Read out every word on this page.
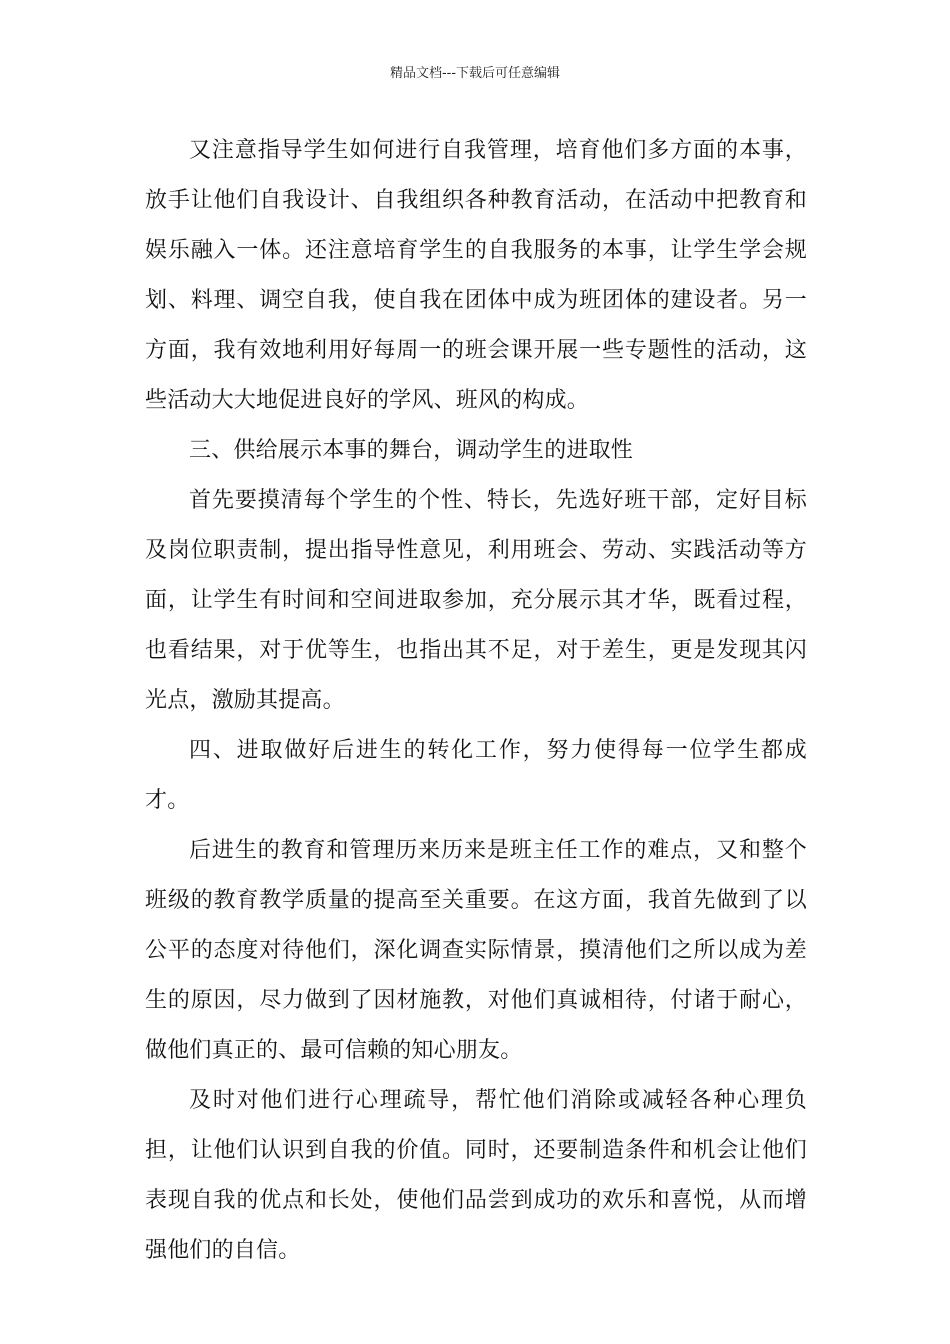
精品文档---下载后可任意编辑

又注意指导学生如何进行自我管理，培育他们多方面的本事，放手让他们自我设计、自我组织各种教育活动，在活动中把教育和娱乐融入一体。还注意培育学生的自我服务的本事，让学生学会规划、料理、调空自我，使自我在团体中成为班团体的建设者。另一方面，我有效地利用好每周一的班会课开展一些专题性的活动，这些活动大大地促进良好的学风、班风的构成。

三、供给展示本事的舞台，调动学生的进取性

首先要摸清每个学生的个性、特长，先选好班干部，定好目标及岗位职责制，提出指导性意见，利用班会、劳动、实践活动等方面，让学生有时间和空间进取参加，充分展示其才华，既看过程，也看结果，对于优等生，也指出其不足，对于差生，更是发现其闪光点，激励其提高。

四、进取做好后进生的转化工作，努力使得每一位学生都成才。

后进生的教育和管理历来历来是班主任工作的难点，又和整个班级的教育教学质量的提高至关重要。在这方面，我首先做到了以公平的态度对待他们，深化调查实际情景，摸清他们之所以成为差生的原因，尽力做到了因材施教，对他们真诚相待，付诸于耐心，做他们真正的、最可信赖的知心朋友。

及时对他们进行心理疏导，帮忙他们消除或减轻各种心理负担，让他们认识到自我的价值。同时，还要制造条件和机会让他们表现自我的优点和长处，使他们品尝到成功的欢乐和喜悦，从而增强他们的自信。
